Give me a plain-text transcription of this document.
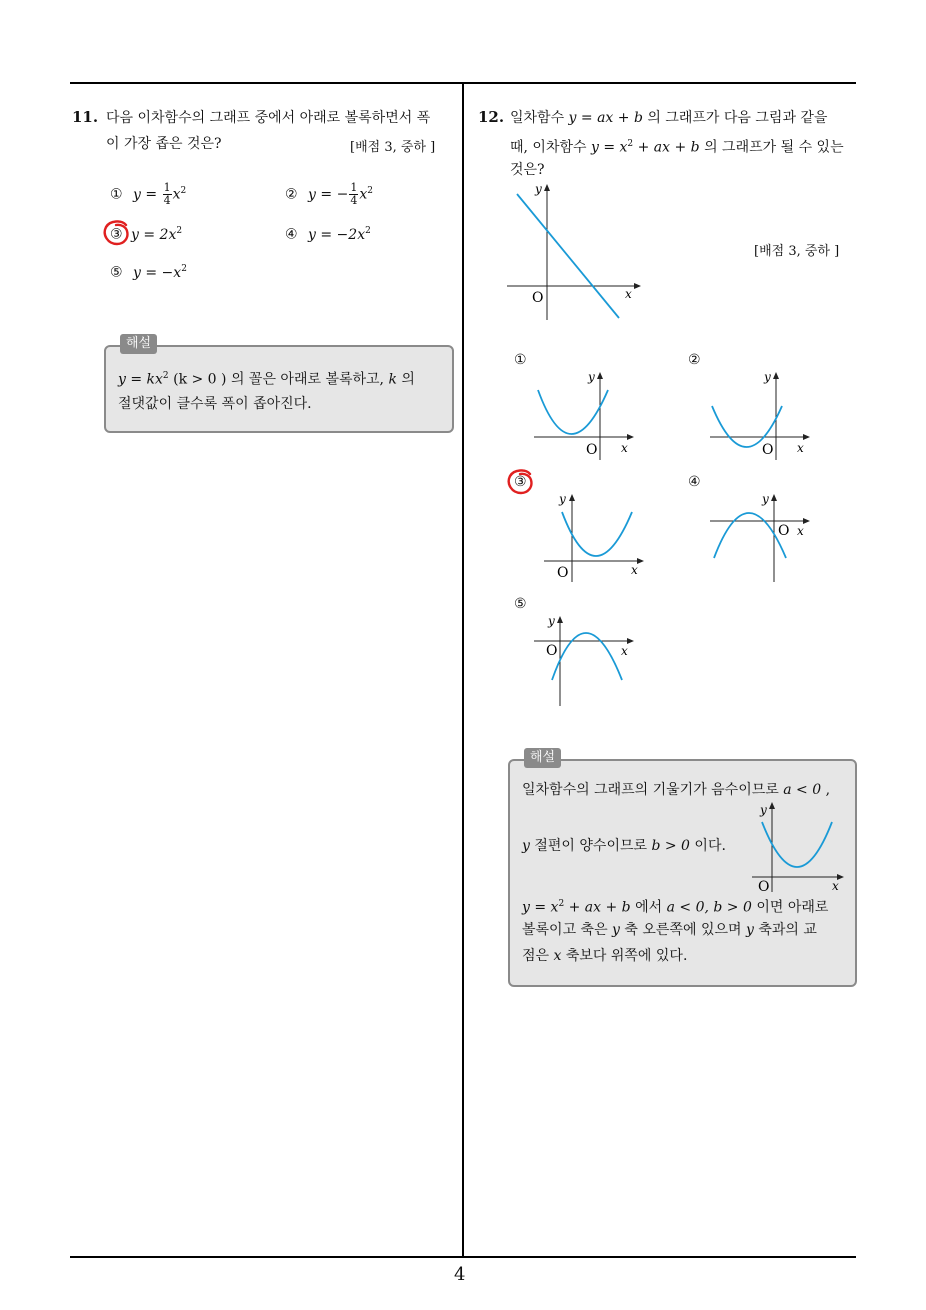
11. 다음 이차함수의 그래프 중에서 아래로 볼록하면서 폭
이 가장 좁은 것은?	[배점 3, 중하 ]
① $y = \frac{1}{4} x^2$	② y = − $\frac{1}{4} x^2$
③ $y = 2x^2$	④ $y = -2x^2$
⑤ $y = -x^2$
해설
$y = kx^2$ (k > 0 ) 의 꼴은 아래로 볼록하고, k 의
절댓값이 클수록 폭이 좁아진다.
12. 일차함수 y = ax + b 의 그래프가 다음 그림과 같을
때, 이차함수 $y = x^2$ + ax + b 의 그래프가 될 수 있는
것은?
[배점 3, 중하 ]
O	x
y
①	②
③	④
⑤
O x
y
O x
y
O	x
y
O x
y
O	x
y
해설
일차함수의 그래프의 기울기가 음수이므로 a < 0 ,
y 절편이 양수이므로 b > 0 이다.
O	x
y
$y = x^2$ + ax + b 에서 a < 0, b > 0 이면 아래로
볼록이고 축은 y 축 오른쪽에 있으며 y 축과의 교
점은 x 축보다 위쪽에 있다.
4
